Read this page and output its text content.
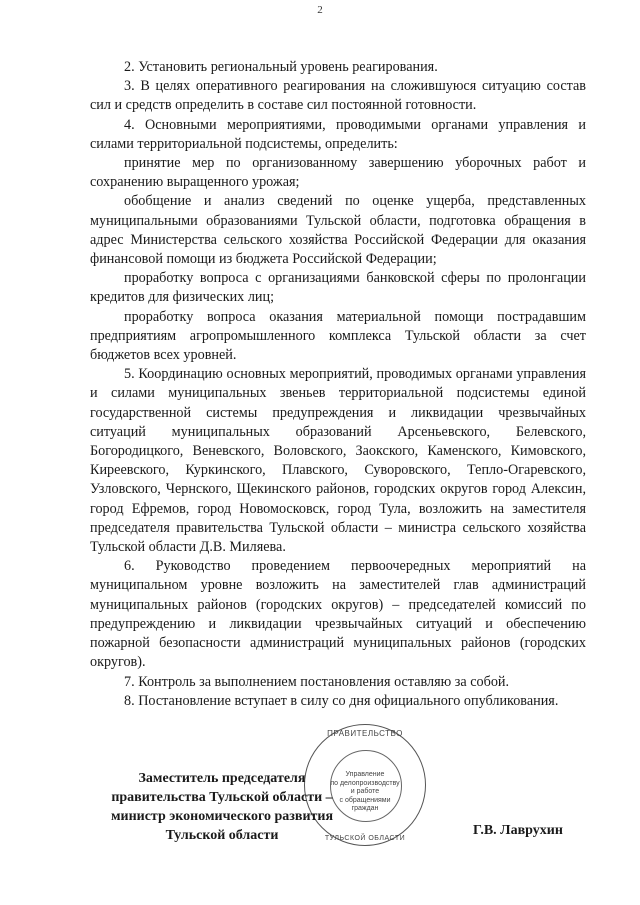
2

2. Установить региональный уровень реагирования.

3. В целях оперативного реагирования на сложившуюся ситуацию состав сил и средств определить в составе сил постоянной готовности.

4. Основными мероприятиями, проводимыми органами управления и силами территориальной подсистемы, определить:

принятие мер по организованному завершению уборочных работ и сохранению выращенного урожая;

обобщение и анализ сведений по оценке ущерба, представленных муниципальными образованиями Тульской области, подготовка обращения в адрес Министерства сельского хозяйства Российской Федерации для оказания финансовой помощи из бюджета Российской Федерации;

проработку вопроса с организациями банковской сферы по пролонгации кредитов для физических лиц;

проработку вопроса оказания материальной помощи пострадавшим предприятиям агропромышленного комплекса Тульской области за счет бюджетов всех уровней.

5. Координацию основных мероприятий, проводимых органами управления и силами муниципальных звеньев территориальной подсистемы единой государственной системы предупреждения и ликвидации чрезвычайных ситуаций муниципальных образований Арсеньевского, Белевского, Богородицкого, Веневского, Воловского, Заокского, Каменского, Кимовского, Киреевского, Куркинского, Плавского, Суворовского, Тепло-Огаревского, Узловского, Чернского, Щекинского районов, городских округов город Алексин, город Ефремов, город Новомосковск, город Тула, возложить на заместителя председателя правительства Тульской области – министра сельского хозяйства Тульской области Д.В. Миляева.

6. Руководство проведением первоочередных мероприятий на муниципальном уровне возложить на заместителей глав администраций муниципальных районов (городских округов) – председателей комиссий по предупреждению и ликвидации чрезвычайных ситуаций и обеспечению пожарной безопасности администраций муниципальных районов (городских округов).

7. Контроль за выполнением постановления оставляю за собой.

8. Постановление вступает в силу со дня официального опубликования.

ПРАВИТЕЛЬСТВО
Управление
по делопроизводству
и работе
с обращениями
граждан
ТУЛЬСКОЙ ОБЛАСТИ
Заместитель председателя
правительства Тульской области –
министр экономического развития
Тульской области	Г.В. Лаврухин
